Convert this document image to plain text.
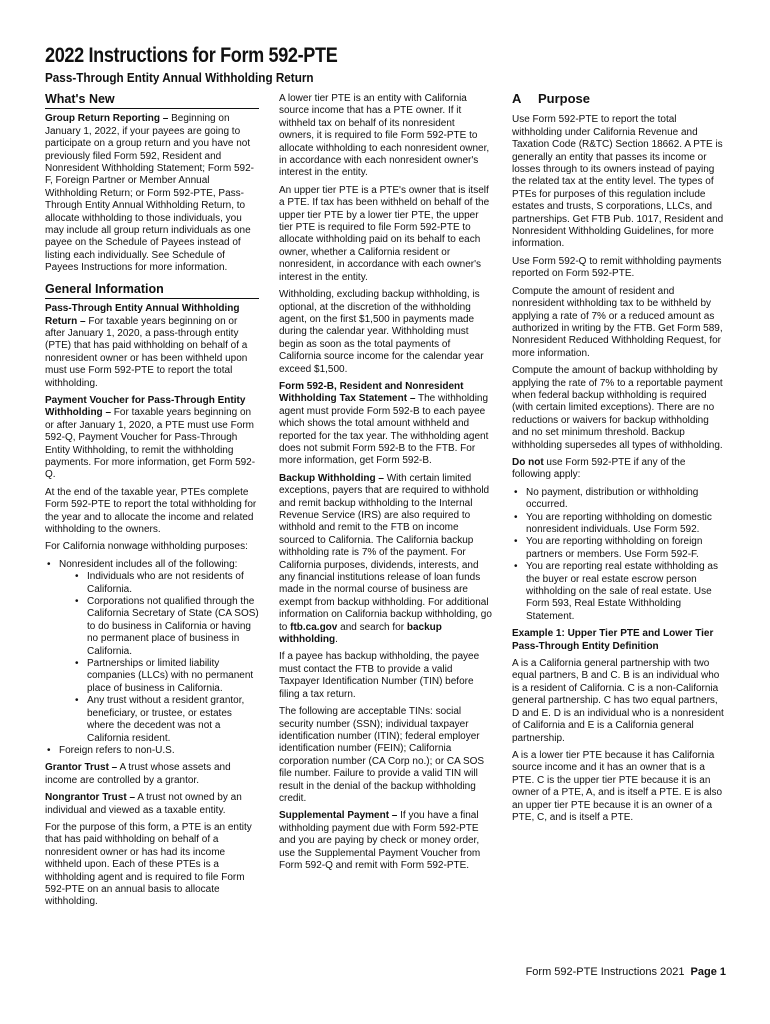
2022 Instructions for Form 592-PTE
Pass-Through Entity Annual Withholding Return
What's New

Group Return Reporting – Beginning on January 1, 2022, if your payees are going to participate on a group return and you have not previously filed Form 592, Resident and Nonresident Withholding Statement; Form 592-F, Foreign Partner or Member Annual Withholding Return; or Form 592-PTE, Pass-Through Entity Annual Withholding Return, to allocate withholding to those individuals, you may include all group return individuals as one payee on the Schedule of Payees instead of listing each individually. See Schedule of Payees Instructions for more information.

General Information

Pass-Through Entity Annual Withholding Return – For taxable years beginning on or after January 1, 2020, a pass-through entity (PTE) that has paid withholding on behalf of a nonresident owner or has been withheld upon must use Form 592-PTE to report the total withholding.

Payment Voucher for Pass-Through Entity Withholding – For taxable years beginning on or after January 1, 2020, a PTE must use Form 592-Q, Payment Voucher for Pass-Through Entity Withholding, to remit the withholding payments. For more information, get Form 592-Q.

At the end of the taxable year, PTEs complete Form 592-PTE to report the total withholding for the year and to allocate the income and related withholding to the owners.

For California nonwage withholding purposes:

• Nonresident includes all of the following:
• Individuals who are not residents of California.
• Corporations not qualified through the California Secretary of State (CA SOS) to do business in California or having no permanent place of business in California.
• Partnerships or limited liability companies (LLCs) with no permanent place of business in California.
• Any trust without a resident grantor, beneficiary, or trustee, or estates where the decedent was not a California resident.
• Foreign refers to non-U.S.

Grantor Trust – A trust whose assets and income are controlled by a grantor.

Nongrantor Trust – A trust not owned by an individual and viewed as a taxable entity.

For the purpose of this form, a PTE is an entity that has paid withholding on behalf of a nonresident owner or has had its income withheld upon. Each of these PTEs is a withholding agent and is required to file Form 592-PTE on an annual basis to allocate withholding.

A lower tier PTE is an entity with California source income that has a PTE owner. If it withheld tax on behalf of its nonresident owners, it is required to file Form 592-PTE to allocate withholding to each nonresident owner, in accordance with each nonresident owner's interest in the entity.

An upper tier PTE is a PTE's owner that is itself a PTE. If tax has been withheld on behalf of the upper tier PTE by a lower tier PTE, the upper tier PTE is required to file Form 592-PTE to allocate withholding paid on its behalf to each owner, whether a California resident or nonresident, in accordance with each owner's interest in the entity.

Withholding, excluding backup withholding, is optional, at the discretion of the withholding agent, on the first $1,500 in payments made during the calendar year. Withholding must begin as soon as the total payments of California source income for the calendar year exceed $1,500.

Form 592-B, Resident and Nonresident Withholding Tax Statement – The withholding agent must provide Form 592-B to each payee which shows the total amount withheld and reported for the tax year. The withholding agent does not submit Form 592-B to the FTB. For more information, get Form 592-B.

Backup Withholding – With certain limited exceptions, payers that are required to withhold and remit backup withholding to the Internal Revenue Service (IRS) are also required to withhold and remit to the FTB on income sourced to California. The California backup withholding rate is 7% of the payment. For California purposes, dividends, interests, and any financial institutions release of loan funds made in the normal course of business are exempt from backup withholding. For additional information on California backup withholding, go to ftb.ca.gov and search for backup withholding.

If a payee has backup withholding, the payee must contact the FTB to provide a valid Taxpayer Identification Number (TIN) before filing a tax return.

The following are acceptable TINs: social security number (SSN); individual taxpayer identification number (ITIN); federal employer identification number (FEIN); California corporation number (CA Corp no.); or CA SOS file number. Failure to provide a valid TIN will result in the denial of the backup withholding credit.

Supplemental Payment – If you have a final withholding payment due with Form 592-PTE and you are paying by check or money order, use the Supplemental Payment Voucher from Form 592-Q and remit with Form 592-PTE.

A Purpose

Use Form 592-PTE to report the total withholding under California Revenue and Taxation Code (R&TC) Section 18662. A PTE is generally an entity that passes its income or losses through to its owners instead of paying the related tax at the entity level. The types of PTEs for purposes of this regulation include estates and trusts, S corporations, LLCs, and partnerships. Get FTB Pub. 1017, Resident and Nonresident Withholding Guidelines, for more information.

Use Form 592-Q to remit withholding payments reported on Form 592-PTE.

Compute the amount of resident and nonresident withholding tax to be withheld by applying a rate of 7% or a reduced amount as authorized in writing by the FTB. Get Form 589, Nonresident Reduced Withholding Request, for more information.

Compute the amount of backup withholding by applying the rate of 7% to a reportable payment when federal backup withholding is required (with certain limited exceptions). There are no reductions or waivers for backup withholding and no set minimum threshold. Backup withholding supersedes all types of withholding.

Do not use Form 592-PTE if any of the following apply:

• No payment, distribution or withholding occurred.
• You are reporting withholding on domestic nonresident individuals. Use Form 592.
• You are reporting withholding on foreign partners or members. Use Form 592-F.
• You are reporting real estate withholding as the buyer or real estate escrow person withholding on the sale of real estate. Use Form 593, Real Estate Withholding Statement.

Example 1: Upper Tier PTE and Lower Tier Pass-Through Entity Definition

A is a California general partnership with two equal partners, B and C. B is an individual who is a resident of California. C is a non-California general partnership. C has two equal partners, D and E. D is an individual who is a nonresident of California and E is a California general partnership.

A is a lower tier PTE because it has California source income and it has an owner that is a PTE. C is the upper tier PTE because it is an owner of a PTE, A, and is itself a PTE. E is also an upper tier PTE because it is an owner of a PTE, C, and is itself a PTE.

Form 592-PTE Instructions 2021 Page 1
